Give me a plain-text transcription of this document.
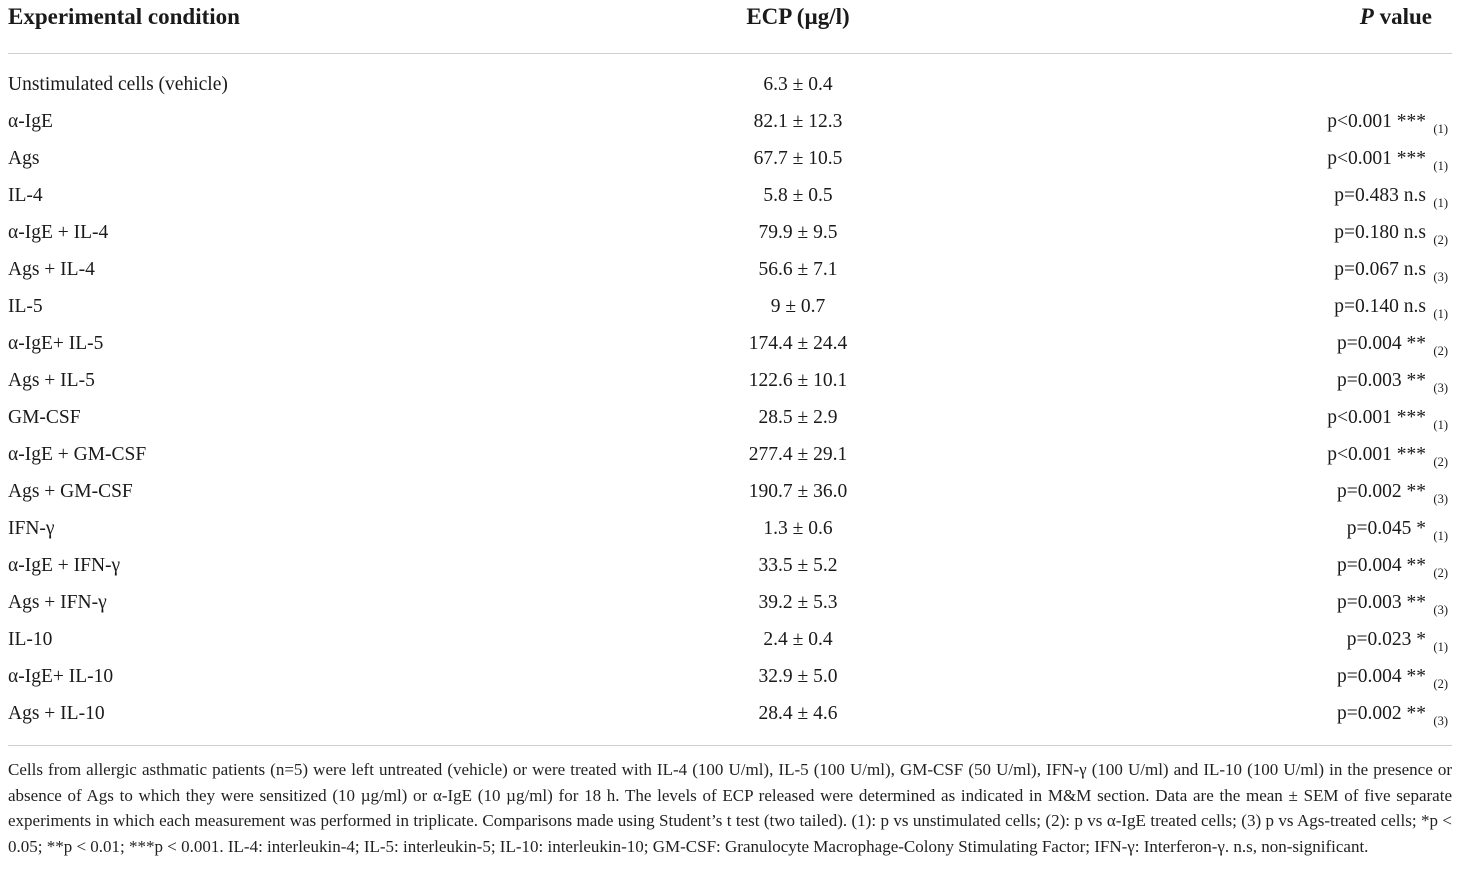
Experimental condition	ECP (µg/l)	P value
Unstimulated cells (vehicle)	6.3 ± 0.4
α-IgE	82.1 ± 12.3	p<0.001 *** (1)
Ags	67.7 ± 10.5	p<0.001 *** (1)
IL-4	5.8 ± 0.5	p=0.483 n.s (1)
α-IgE + IL-4	79.9 ± 9.5	p=0.180 n.s (2)
Ags + IL-4	56.6 ± 7.1	p=0.067 n.s (3)
IL-5	9 ± 0.7	p=0.140 n.s (1)
α-IgE+ IL-5	174.4 ± 24.4	p=0.004 ** (2)
Ags + IL-5	122.6 ± 10.1	p=0.003 ** (3)
GM-CSF	28.5 ± 2.9	p<0.001 *** (1)
α-IgE + GM-CSF	277.4 ± 29.1	p<0.001 *** (2)
Ags + GM-CSF	190.7 ± 36.0	p=0.002 ** (3)
IFN-γ	1.3 ± 0.6	p=0.045 * (1)
α-IgE + IFN-γ	33.5 ± 5.2	p=0.004 ** (2)
Ags + IFN-γ	39.2 ± 5.3	p=0.003 ** (3)
IL-10	2.4 ± 0.4	p=0.023 * (1)
α-IgE+ IL-10	32.9 ± 5.0	p=0.004 ** (2)
Ags + IL-10	28.4 ± 4.6	p=0.002 ** (3)
Cells from allergic asthmatic patients (n=5) were left untreated (vehicle) or were treated with IL-4 (100 U/ml), IL-5 (100 U/ml), GM-CSF (50 U/ml), IFN-γ (100 U/ml) and IL-10 (100 U/ml) in the presence or absence of Ags to which they were sensitized (10 µg/ml) or α-IgE (10 µg/ml) for 18 h. The levels of ECP released were determined as indicated in M&M section. Data are the mean ± SEM of five separate experiments in which each measurement was performed in triplicate. Comparisons made using Student’s t test (two tailed). (1): p vs unstimulated cells; (2): p vs α-IgE treated cells; (3) p vs Ags-treated cells; *p < 0.05; **p < 0.01; ***p < 0.001. IL-4: interleukin-4; IL-5: interleukin-5; IL-10: interleukin-10; GM-CSF: Granulocyte Macrophage-Colony Stimulating Factor; IFN-γ: Interferon-γ. n.s, non-significant.
